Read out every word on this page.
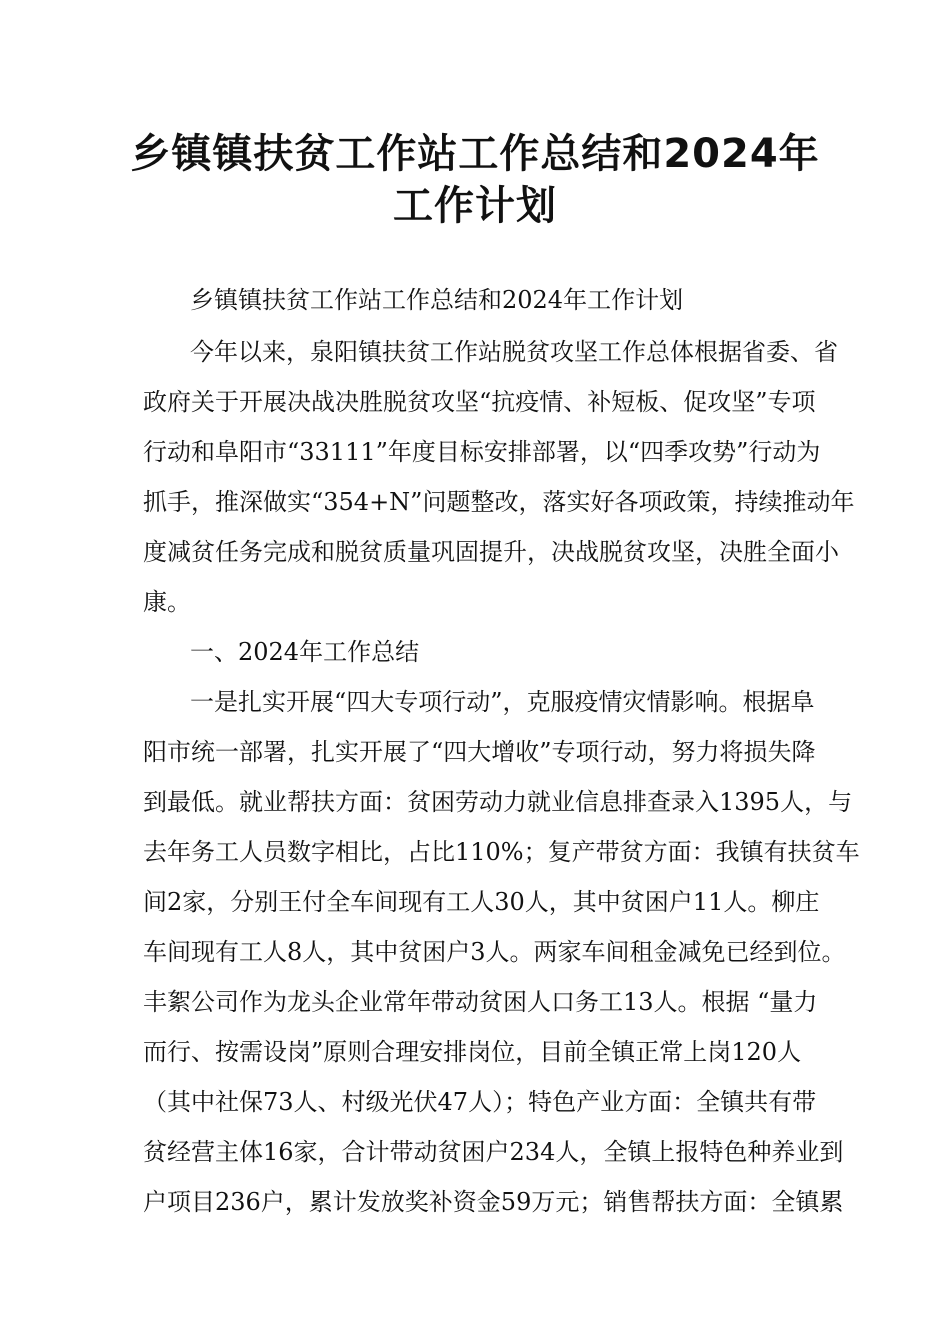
乡镇镇扶贫工作站工作总结和2024年
工作计划

乡镇镇扶贫工作站工作总结和2024年工作计划

今年以来，泉阳镇扶贫工作站脱贫攻坚工作总体根据省委、省

政府关于开展决战决胜脱贫攻坚“抗疫情、补短板、促攻坚”专项

行动和阜阳市“33111”年度目标安排部署，以“四季攻势”行动为

抓手，推深做实“354+N”问题整改，落实好各项政策，持续推动年

度减贫任务完成和脱贫质量巩固提升，决战脱贫攻坚，决胜全面小

康。

一、2024年工作总结

一是扎实开展“四大专项行动”，克服疫情灾情影响。根据阜

阳市统一部署，扎实开展了“四大增收”专项行动，努力将损失降

到最低。就业帮扶方面：贫困劳动力就业信息排查录入1395人，与

去年务工人员数字相比，占比110%；复产带贫方面：我镇有扶贫车

间2家，分别王付全车间现有工人30人，其中贫困户11人。柳庄

车间现有工人8人，其中贫困户3人。两家车间租金减免已经到位。

丰絮公司作为龙头企业常年带动贫困人口务工13人。根据 “量力

而行、按需设岗”原则合理安排岗位，目前全镇正常上岗120人

（其中社保73人、村级光伏47人）；特色产业方面：全镇共有带

贫经营主体16家，合计带动贫困户234人，全镇上报特色种养业到

户项目236户，累计发放奖补资金59万元；销售帮扶方面：全镇累
